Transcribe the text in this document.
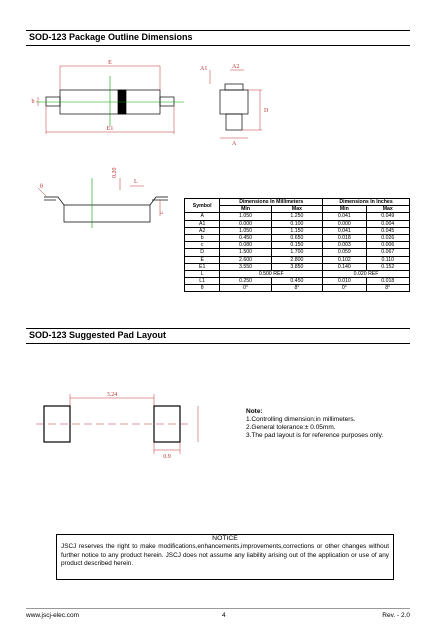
SOD-123 Package Outline Dimensions
E
E1
b
A1	A2
D
A
0.20
L
θ
c
Symbol	Dimensions In Millimeters		Dimensions In Inches	
	Min	Max	Min	Max
A	1.050	1.250	0.041	0.049
A1	0.000	0.100	0.000	0.004
A2	1.050	1.150	0.041	0.045
b	0.450	0.650	0.018	0.026
c	0.080	0.150	0.003	0.006
D	1.500	1.700	0.059	0.067
E	2.600	2.800	0.102	0.110
E1	3.550	3.850	0.140	0.152
L	0.500 REF		0.020 REF	
L1	0.250	0.450	0.010	0.018
θ	0°	8°	0°	8°
SOD-123 Suggested Pad Layout
3.24
0.9
Note:
1.Controlling dimension:in millimeters.
2.General tolerance:± 0.05mm.
3.The pad layout is for reference purposes only.
NOTICE
JSCJ reserves the right to make modifications,enhancements,improvements,corrections or other changes without further notice to any product herein. JSCJ does not assume any liability arising out of the application or use of any product described herein.
www.jscj-elec.com	4	Rev. - 2.0
